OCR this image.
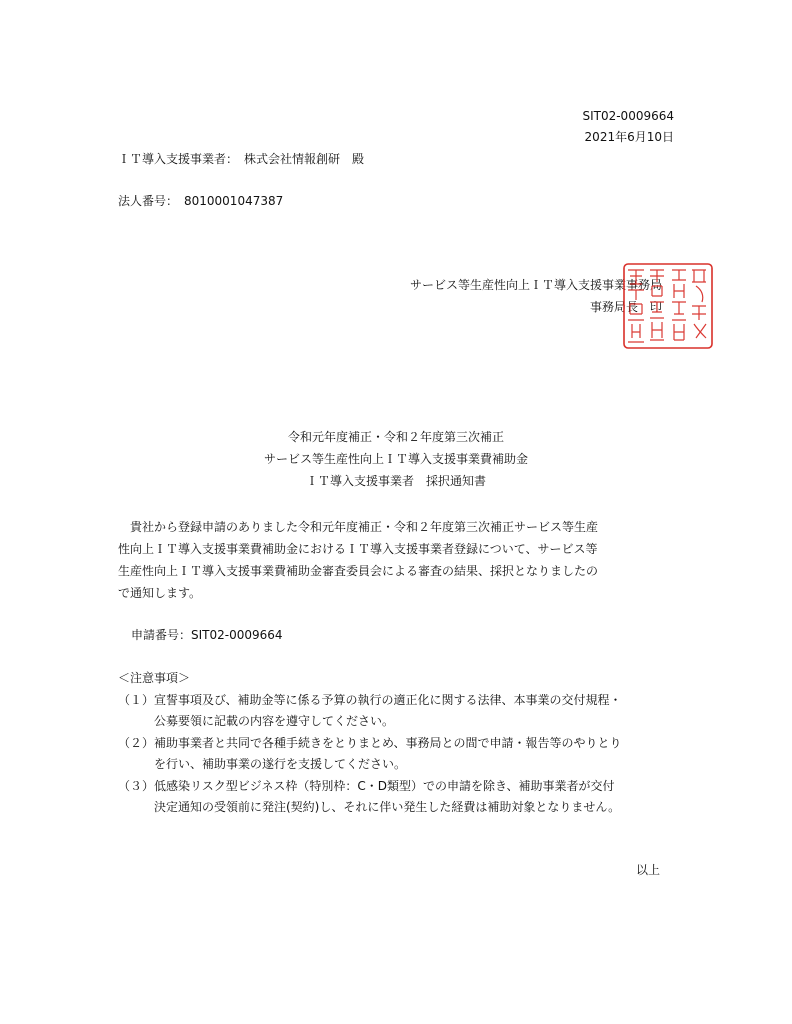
SIT02-0009664
2021年6月10日
ＩＴ導入支援事業者：　株式会社情報創研　殿
法人番号：　8010001047387
サービス等生産性向上ＩＴ導入支援事業事務局
事務局長　印
令和元年度補正・令和２年度第三次補正
サービス等生産性向上ＩＴ導入支援事業費補助金
ＩＴ導入支援事業者　採択通知書
　貴社から登録申請のありました令和元年度補正・令和２年度第三次補正サービス等生産
性向上ＩＴ導入支援事業費補助金におけるＩＴ導入支援事業者登録について、サービス等
生産性向上ＩＴ導入支援事業費補助金審査委員会による審査の結果、採択となりましたの
で通知します。
申請番号：SIT02-0009664
＜注意事項＞
（１）宣誓事項及び、補助金等に係る予算の執行の適正化に関する法律、本事業の交付規程・
公募要領に記載の内容を遵守してください。
（２）補助事業者と共同で各種手続きをとりまとめ、事務局との間で申請・報告等のやりとり
を行い、補助事業の遂行を支援してください。
（３）低感染リスク型ビジネス枠（特別枠：C・D類型）での申請を除き、補助事業者が交付
決定通知の受領前に発注(契約)し、それに伴い発生した経費は補助対象となりません。
以上
